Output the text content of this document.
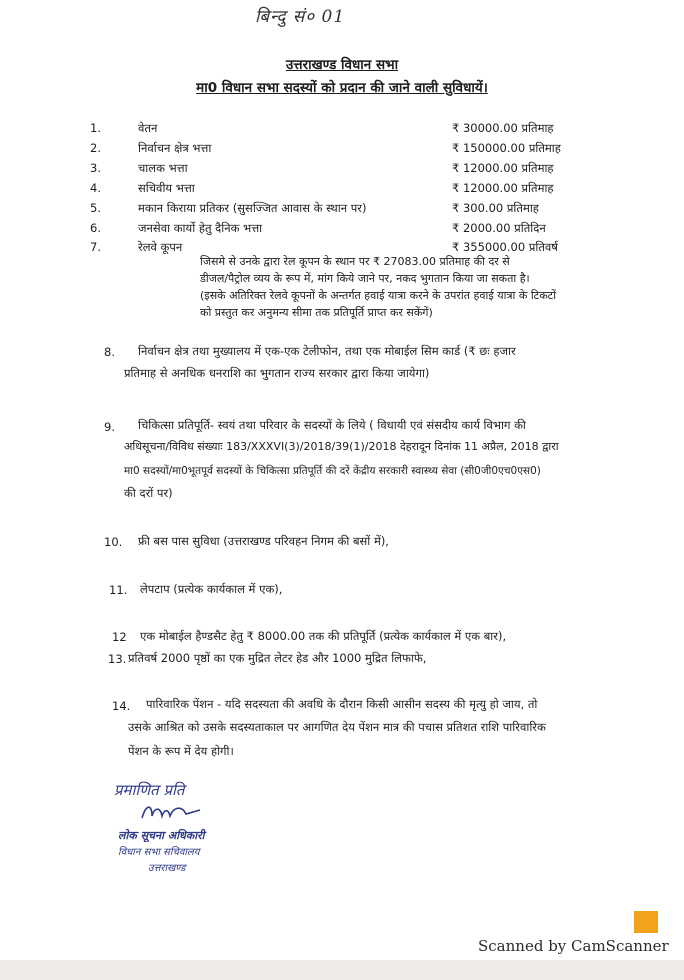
बिन्दु सं० 01
उत्तराखण्ड विधान सभा
मा0 विधान सभा सदस्यों को प्रदान की जाने वाली सुविधायें।
1.	वेतन	₹ 30000.00 प्रतिमाह
2.	निर्वाचन क्षेत्र भत्ता	₹ 150000.00 प्रतिमाह
3.	चालक भत्ता	₹ 12000.00 प्रतिमाह
4.	सचिवीय भत्ता	₹ 12000.00 प्रतिमाह
5.	मकान किराया प्रतिकर (सुसज्जित आवास के स्थान पर)	₹ 300.00 प्रतिमाह
6.	जनसेवा कार्यो हेतु दैनिक भत्ता	₹ 2000.00 प्रतिदिन
7.	रेलवे कूपन	₹ 355000.00 प्रतिवर्ष
जिसमे से उनके द्वारा रेल कूपन के स्थान पर ₹ 27083.00 प्रतिमाह की दर से
डीजल/पैट्रोल व्यय के रूप में, मांग किये जाने पर, नकद भुगतान किया जा सकता है।
(इसके अतिरिक्त रेलवे कूपनों के अन्तर्गत हवाई यात्रा करने के उपरांत हवाई यात्रा के टिकटों
को प्रस्तुत कर अनुमन्य सीमा तक प्रतिपूर्ति प्राप्त कर सकेंगें)
8. निर्वाचन क्षेत्र तथा मुख्यालय में एक-एक टेलीफोन, तथा एक मोबाईल सिम कार्ड (₹ छः हजार
प्रतिमाह से अनधिक धनराशि का भुगतान राज्य सरकार द्वारा किया जायेगा)
9. चिकित्सा प्रतिपूर्ति- स्वयं तथा परिवार के सदस्यों के लिये ( विधायी एवं संसदीय कार्य विभाग की
अधिसूचना/विविध संख्याः 183/XXXVI(3)/2018/39(1)/2018 देहरादून दिनांक 11 अप्रैल, 2018 द्वारा
मा0 सदस्यों/मा0भूतपूर्व सदस्यों के चिकित्सा प्रतिपूर्ति की दरें केंद्रीय सरकारी स्वास्थ्य सेवा (सी0जी0एच0एस0)
की दरों पर)
10. फ्री बस पास सुविधा (उत्तराखण्ड परिवहन निगम की बसों में),
11. लेपटाप (प्रत्येक कार्यकाल में एक),
12 एक मोबाईल हैण्डसैट हेतु ₹ 8000.00 तक की प्रतिपूर्ति (प्रत्येक कार्यकाल में एक बार),
13. प्रतिवर्ष 2000 पृष्ठों का एक मुद्रित लेटर हेड और 1000 मुद्रित लिफाफे,
14. पारिवारिक पेंशन - यदि सदस्यता की अवधि के दौरान किसी आसीन सदस्य की मृत्यु हो जाय, तो
उसके आश्रित को उसके सदस्यताकाल पर आगणित देय पेंशन मात्र की पचास प्रतिशत राशि पारिवारिक
पेंशन के रूप में देय होगी।
प्रमाणित प्रति
लोक सूचना अधिकारी
विधान सभा सचिवालय
उत्तराखण्ड
Scanned by CamScanner
